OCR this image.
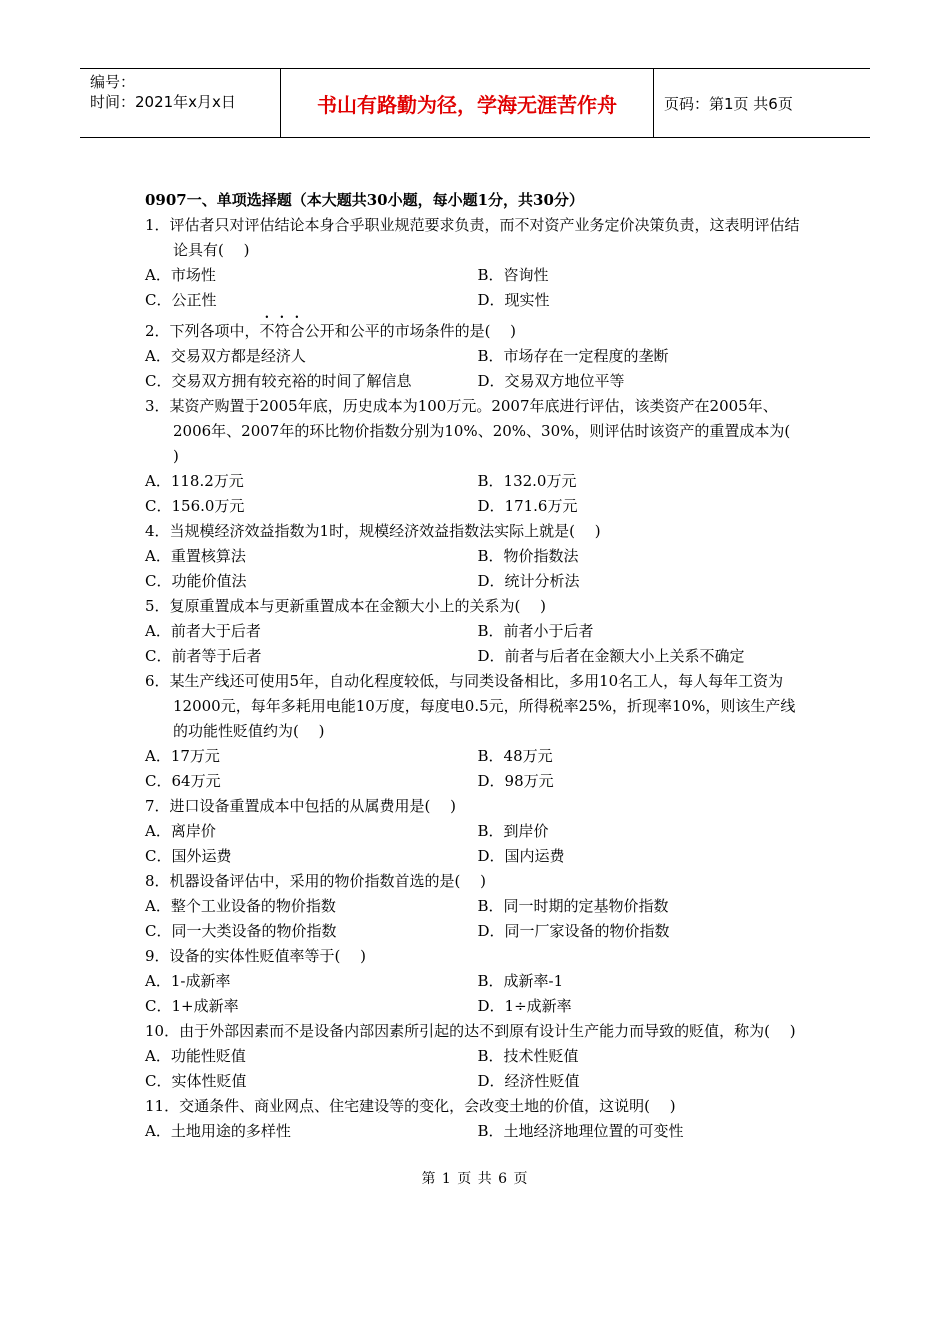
编号：
时间：2021年x月x日	书山有路勤为径，学海无涯苦作舟	页码：第1页 共6页
0907一、单项选择题（本大题共30小题，每小题1分，共30分）
1．评估者只对评估结论本身合乎职业规范要求负责，而不对资产业务定价决策负责，这表明评估结论具有(　 )
A．市场性	B．咨询性
C．公正性	D．现实性
2．下列各项中，不符合公开和公平的市场条件的是(　 )
A．交易双方都是经济人	B．市场存在一定程度的垄断
C．交易双方拥有较充裕的时间了解信息	D．交易双方地位平等
3．某资产购置于2005年底，历史成本为100万元。2007年底进行评估，该类资产在2005年、2006年、2007年的环比物价指数分别为10%、20%、30%，则评估时该资产的重置成本为(　 )
A．118.2万元	B．132.0万元
C．156.0万元	D．171.6万元
4．当规模经济效益指数为1时，规模经济效益指数法实际上就是(　 )
A．重置核算法	B．物价指数法
C．功能价值法	D．统计分析法
5．复原重置成本与更新重置成本在金额大小上的关系为(　 )
A．前者大于后者	B．前者小于后者
C．前者等于后者	D．前者与后者在金额大小上关系不确定
6．某生产线还可使用5年，自动化程度较低，与同类设备相比，多用10名工人，每人每年工资为12000元，每年多耗用电能10万度，每度电0.5元，所得税率25%，折现率10%，则该生产线的功能性贬值约为(　 )
A．17万元	B．48万元
C．64万元	D．98万元
7．进口设备重置成本中包括的从属费用是(　 )
A．离岸价	B．到岸价
C．国外运费	D．国内运费
8．机器设备评估中，采用的物价指数首选的是(　 )
A．整个工业设备的物价指数	B．同一时期的定基物价指数
C．同一大类设备的物价指数	D．同一厂家设备的物价指数
9．设备的实体性贬值率等于(　 )
A．1-成新率	B．成新率-1
C．1+成新率	D．1÷成新率
10．由于外部因素而不是设备内部因素所引起的达不到原有设计生产能力而导致的贬值，称为(　 )
A．功能性贬值	B．技术性贬值
C．实体性贬值	D．经济性贬值
11．交通条件、商业网点、住宅建设等的变化，会改变土地的价值，这说明(　 )
A．土地用途的多样性	B．土地经济地理位置的可变性
第 1 页 共 6 页
